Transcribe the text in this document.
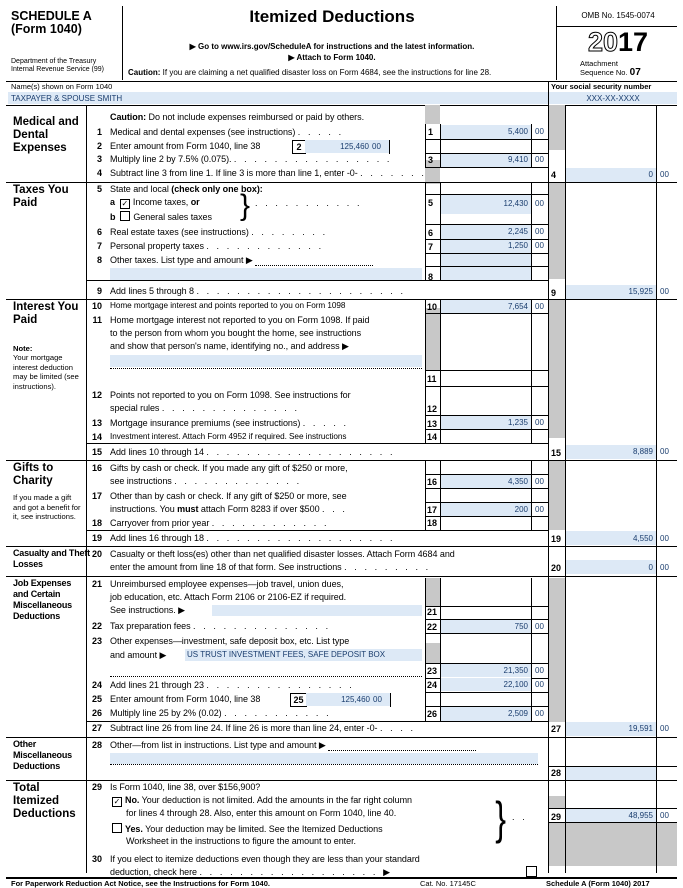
SCHEDULE A
(Form 1040)
Department of the Treasury
Internal Revenue Service (99)
Itemized Deductions
▶ Go to www.irs.gov/ScheduleA for instructions and the latest information.
▶ Attach to Form 1040.
Caution: If you are claiming a net qualified disaster loss on Form 4684, see the instructions for line 28.
OMB No. 1545-0074
2017
Attachment
Sequence No. 07
Name(s) shown on Form 1040
TAXPAYER & SPOUSE SMITH
Your social security number
XXX-XX-XXXX
Medical and Dental Expenses
Caution: Do not include expenses reimbursed or paid by others.
1 Medical and dental expenses (see instructions) . . . . .	1	5,400 00
2 Enter amount from Form 1040, line 38	2	125,460 00
3 Multiply line 2 by 7.5% (0.075). . . . . . . . . . . . . . . . .	3	9,410 00
4 Subtract line 3 from line 1. If line 3 is more than line 1, enter -0- . . . . . . .	4	0 00
Taxes You Paid
5 State and local (check only one box):
a ✓ Income taxes, or
b General sales taxes } . . . . . . . . . . .	5	12,430 00
6 Real estate taxes (see instructions) . . . . . . . .	6	2,245 00
7 Personal property taxes . . . . . . . . . . . .	7	1,250 00
8 Other taxes. List type and amount ▶
8
9 Add lines 5 through 8 . . . . . . . . . . . . . . . . . . . . .	9	15,925 00
Interest You Paid
Note:
Your mortgage interest deduction may be limited (see instructions).
10 Home mortgage interest and points reported to you on Form 1098	10	7,654 00
11 Home mortgage interest not reported to you on Form 1098. If paid
to the person from whom you bought the home, see instructions
and show that person's name, identifying no., and address ▶
11
12 Points not reported to you on Form 1098. See instructions for
special rules . . . . . . . . . . . . . .	12
13 Mortgage insurance premiums (see instructions) . . . . .	13	1,235 00
14 Investment interest. Attach Form 4952 if required. See instructions	14
15 Add lines 10 through 14 . . . . . . . . . . . . . . . . . . .	15	8,889 00
Gifts to Charity
If you made a gift and got a benefit for it, see instructions.
16 Gifts by cash or check. If you made any gift of $250 or more,
see instructions . . . . . . . . . . . . .	16	4,350 00
17 Other than by cash or check. If any gift of $250 or more, see
instructions. You must attach Form 8283 if over $500 . . .	17	200 00
18 Carryover from prior year . . . . . . . . . . . .	18
19 Add lines 16 through 18 . . . . . . . . . . . . . . . . . . .	19	4,550 00
Casualty and Theft Losses
20 Casualty or theft loss(es) other than net qualified disaster losses. Attach Form 4684 and
enter the amount from line 18 of that form. See instructions . . . . . . . . .	20	0 00
Job Expenses and Certain Miscellaneous Deductions
21 Unreimbursed employee expenses—job travel, union dues,
job education, etc. Attach Form 2106 or 2106-EZ if required.
See instructions. ▶	21
22 Tax preparation fees . . . . . . . . . . . . . .	22	750 00
23 Other expenses—investment, safe deposit box, etc. List type
and amount ▶	US TRUST INVESTMENT FEES, SAFE DEPOSIT BOX
23	21,350 00
24 Add lines 21 through 23 . . . . . . . . . . . . . . .	24	22,100 00
25 Enter amount from Form 1040, line 38	25	125,460 00
26 Multiply line 25 by 2% (0.02) . . . . . . . . . . .	26	2,509 00
27 Subtract line 26 from line 24. If line 26 is more than line 24, enter -0- . . . .	27	19,591 00
Other Miscellaneous Deductions
28 Other—from list in instructions. List type and amount ▶
28
Total Itemized Deductions
29 Is Form 1040, line 38, over $156,900?
✓ No. Your deduction is not limited. Add the amounts in the far right column
for lines 4 through 28. Also, enter this amount on Form 1040, line 40.
Yes. Your deduction may be limited. See the Itemized Deductions
Worksheet in the instructions to figure the amount to enter.	} . .	29	48,955 00
30 If you elect to itemize deductions even though they are less than your standard
deduction, check here . . . . . . . . . . . . . . . . . . ▶
For Paperwork Reduction Act Notice, see the Instructions for Form 1040.	Cat. No. 17145C	Schedule A (Form 1040) 2017
